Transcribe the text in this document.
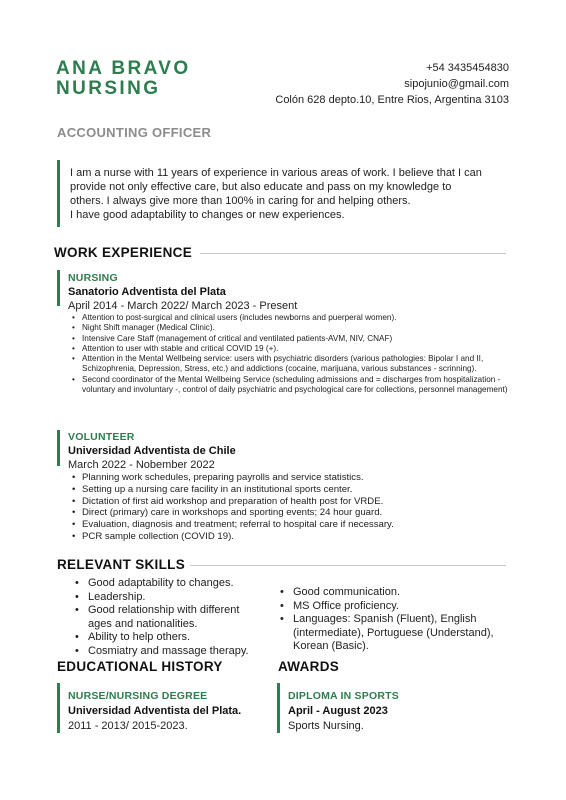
ANA BRAVO
NURSING
+54 3435454830
sipojunio@gmail.com
Colón 628 depto.10, Entre Rios, Argentina 3103
ACCOUNTING OFFICER
I am a nurse with 11 years of experience in various areas of work. I believe that I can
provide not only effective care, but also educate and pass on my knowledge to
others. I always give more than 100% in caring for and helping others.
I have good adaptability to changes or new experiences.
WORK EXPERIENCE
NURSING
Sanatorio Adventista del Plata
April 2014 - March 2022/ March 2023 - Present
• Attention to post-surgical and clinical users (includes newborns and puerperal women).
• Night Shift manager (Medical Clinic).
• Intensive Care Staff (management of critical and ventilated patients-AVM, NIV, CNAF)
• Attention to user with stable and critical COVID 19 (+).
• Attention in the Mental Wellbeing service: users with psychiatric disorders (various pathologies: Bipolar I and II, Schizophrenia, Depression, Stress, etc.) and addictions (cocaine, marijuana, various substances - scrinning).
• Second coordinator of the Mental Wellbeing Service (scheduling admissions and = discharges from hospitalization - voluntary and involuntary -, control of daily psychiatric and psychological care for collections, personnel management)
VOLUNTEER
Universidad Adventista de Chile
March 2022 - Nobember 2022
• Planning work schedules, preparing payrolls and service statistics.
• Setting up a nursing care facility in an institutional sports center.
• Dictation of first aid workshop and preparation of health post for VRDE.
• Direct (primary) care in workshops and sporting events; 24 hour guard.
• Evaluation, diagnosis and treatment; referral to hospital care if necessary.
• PCR sample collection (COVID 19).
RELEVANT SKILLS
• Good adaptability to changes.
• Leadership.
• Good relationship with different ages and nationalities.
• Ability to help others.
• Cosmiatry and massage therapy.
• Good communication.
• MS Office proficiency.
• Languages: Spanish (Fluent), English (intermediate), Portuguese (Understand), Korean (Basic).
EDUCATIONAL HISTORY
NURSE/NURSING DEGREE
Universidad Adventista del Plata.
2011 - 2013/ 2015-2023.
AWARDS
DIPLOMA IN SPORTS
April - August 2023
Sports Nursing.
